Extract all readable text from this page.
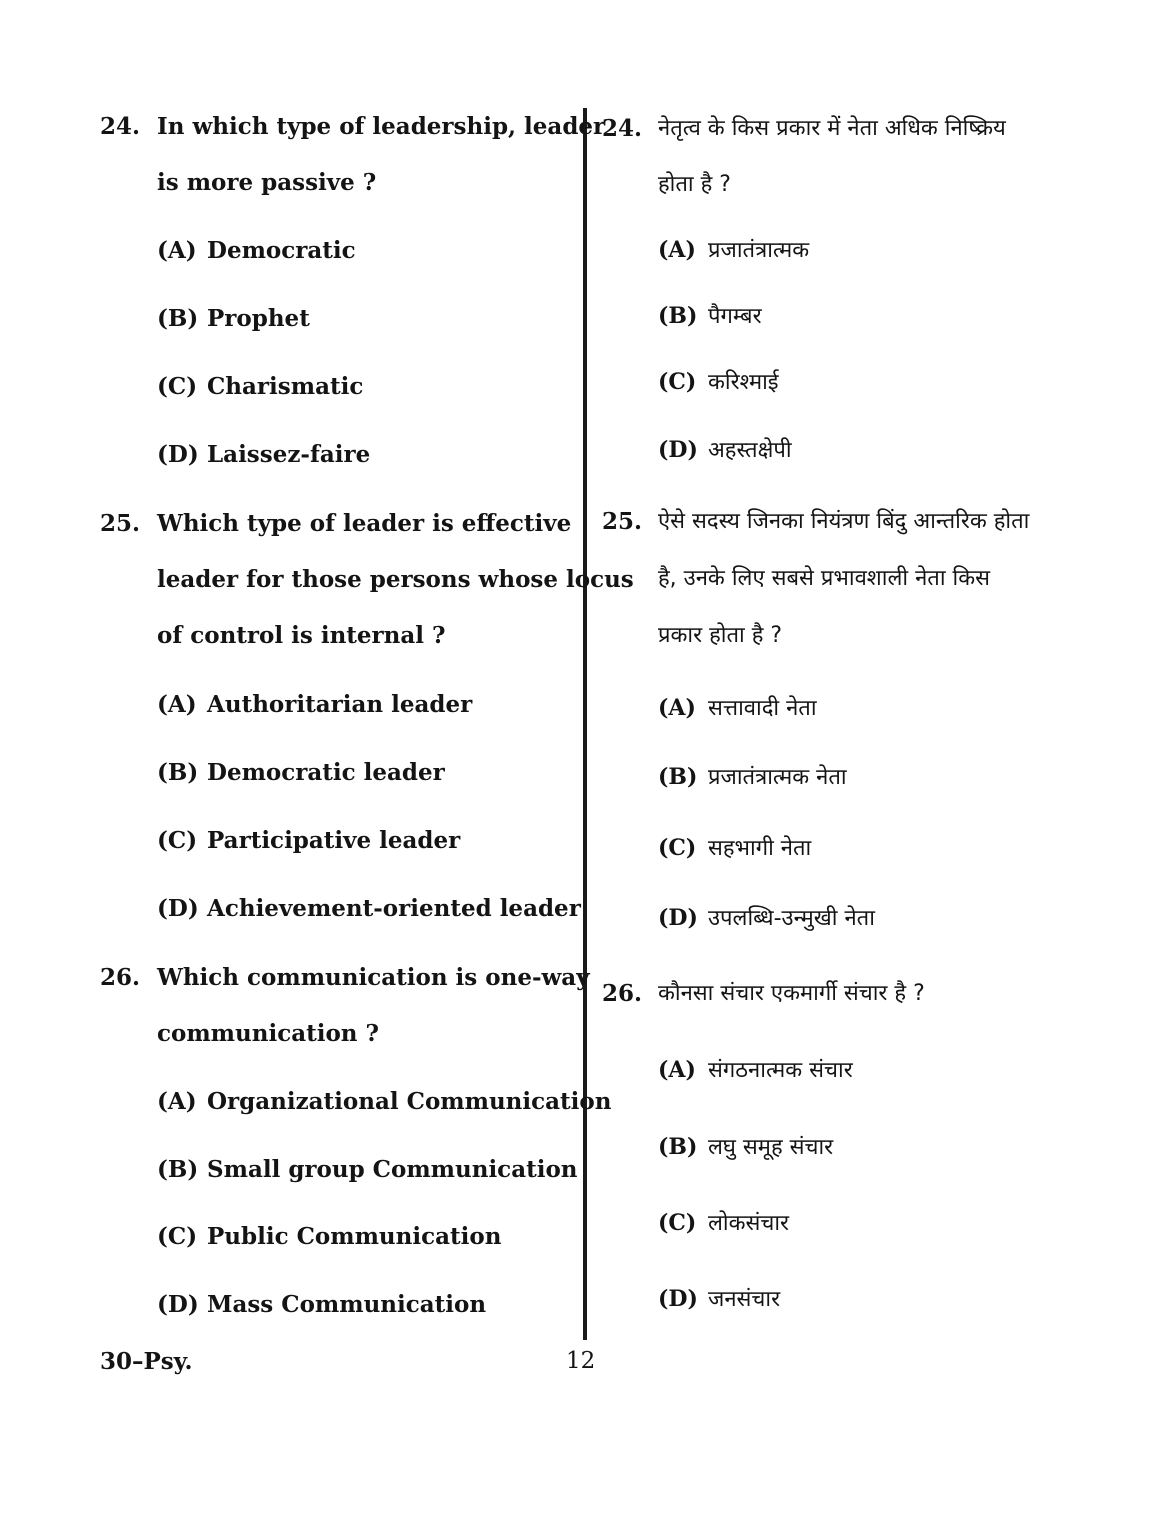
24. In which type of leadership, leader
is more passive ?
(A) Democratic
(B) Prophet
(C) Charismatic
(D) Laissez-faire
25. Which type of leader is effective
leader for those persons whose locus
of control is internal ?
(A) Authoritarian leader
(B) Democratic leader
(C) Participative leader
(D) Achievement-oriented leader
26. Which communication is one-way
communication ?
(A) Organizational Communication
(B) Small group Communication
(C) Public Communication
(D) Mass Communication
24. नेतृत्व के किस प्रकार में नेता अधिक निष्क्रिय
होता है ?
(A) प्रजातंत्रात्मक
(B) पैगम्बर
(C) करिश्माई
(D) अहस्तक्षेपी
25. ऐसे सदस्य जिनका नियंत्रण बिंदु आन्तरिक होता
है, उनके लिए सबसे प्रभावशाली नेता किस
प्रकार होता है ?
(A) सत्तावादी नेता
(B) प्रजातंत्रात्मक नेता
(C) सहभागी नेता
(D) उपलब्धि-उन्मुखी नेता
26. कौनसा संचार एकमार्गी संचार है ?
(A) संगठनात्मक संचार
(B) लघु समूह संचार
(C) लोकसंचार
(D) जनसंचार
30–Psy.	12
